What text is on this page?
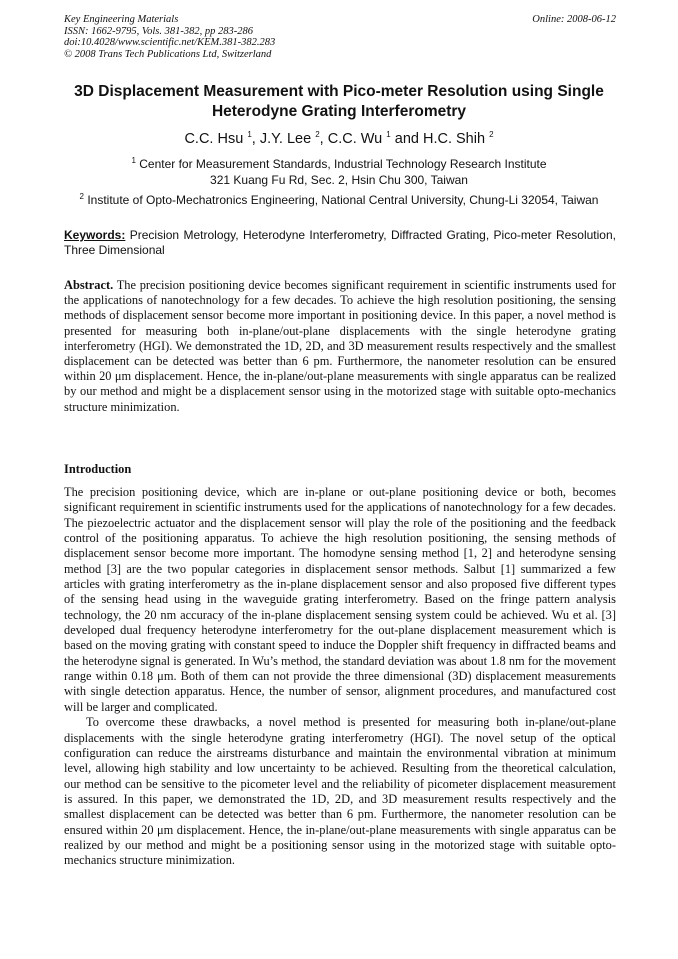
Key Engineering Materials	Online: 2008-06-12
ISSN: 1662-9795, Vols. 381-382, pp 283-286
doi:10.4028/www.scientific.net/KEM.381-382.283
© 2008 Trans Tech Publications Ltd, Switzerland
3D Displacement Measurement with Pico-meter Resolution using Single
Heterodyne Grating Interferometry
C.C. Hsu $^1$, J.Y. Lee $^2$, C.C. Wu $^1$ and H.C. Shih $^2$
$^1$ Center for Measurement Standards, Industrial Technology Research Institute
321 Kuang Fu Rd, Sec. 2, Hsin Chu 300, Taiwan
$^2$ Institute of Opto-Mechatronics Engineering, National Central University, Chung-Li 32054, Taiwan
Keywords: Precision Metrology, Heterodyne Interferometry, Diffracted Grating, Pico-meter Resolution, Three Dimensional
Abstract. The precision positioning device becomes significant requirement in scientific instruments used for the applications of nanotechnology for a few decades. To achieve the high resolution positioning, the sensing methods of displacement sensor become more important in positioning device. In this paper, a novel method is presented for measuring both in-plane/out-plane displacements with the single heterodyne grating interferometry (HGI). We demonstrated the 1D, 2D, and 3D measurement results respectively and the smallest displacement can be detected was better than 6 pm. Furthermore, the nanometer resolution can be ensured within 20 μm displacement. Hence, the in-plane/out-plane measurements with single apparatus can be realized by our method and might be a displacement sensor using in the motorized stage with suitable opto-mechanics structure minimization.
Introduction

The precision positioning device, which are in-plane or out-plane positioning device or both, becomes significant requirement in scientific instruments used for the applications of nanotechnology for a few decades. The piezoelectric actuator and the displacement sensor will play the role of the positioning and the feedback control of the positioning apparatus. To achieve the high resolution positioning, the sensing methods of displacement sensor become more important. The homodyne sensing method [1, 2] and heterodyne sensing method [3] are the two popular categories in displacement sensor methods. Salbut [1] summarized a few articles with grating interferometry as the in-plane displacement sensor and also proposed five different types of the sensing head using in the waveguide grating interferometry. Based on the fringe pattern analysis technology, the 20 nm accuracy of the in-plane displacement sensing system could be achieved. Wu et al. [3] developed dual frequency heterodyne interferometry for the out-plane displacement measurement which is based on the moving grating with constant speed to induce the Doppler shift frequency in diffracted beams and the heterodyne signal is generated. In Wu’s method, the standard deviation was about 1.8 nm for the movement range within 0.18 μm. Both of them can not provide the three dimensional (3D) displacement measurements with single detection apparatus. Hence, the number of sensor, alignment procedures, and manufactured cost will be larger and complicated.

To overcome these drawbacks, a novel method is presented for measuring both in-plane/out-plane displacements with the single heterodyne grating interferometry (HGI). The novel setup of the optical configuration can reduce the airstreams disturbance and maintain the environmental vibration at minimum level, allowing high stability and low uncertainty to be achieved. Resulting from the theoretical calculation, our method can be sensitive to the picometer level and the reliability of picometer displacement measurement is assured. In this paper, we demonstrated the 1D, 2D, and 3D measurement results respectively and the smallest displacement can be detected was better than 6 pm. Furthermore, the nanometer resolution can be ensured within 20 μm displacement. Hence, the in-plane/out-plane measurements with single apparatus can be realized by our method and might be a positioning sensor using in the motorized stage with suitable opto-mechanics structure minimization.
